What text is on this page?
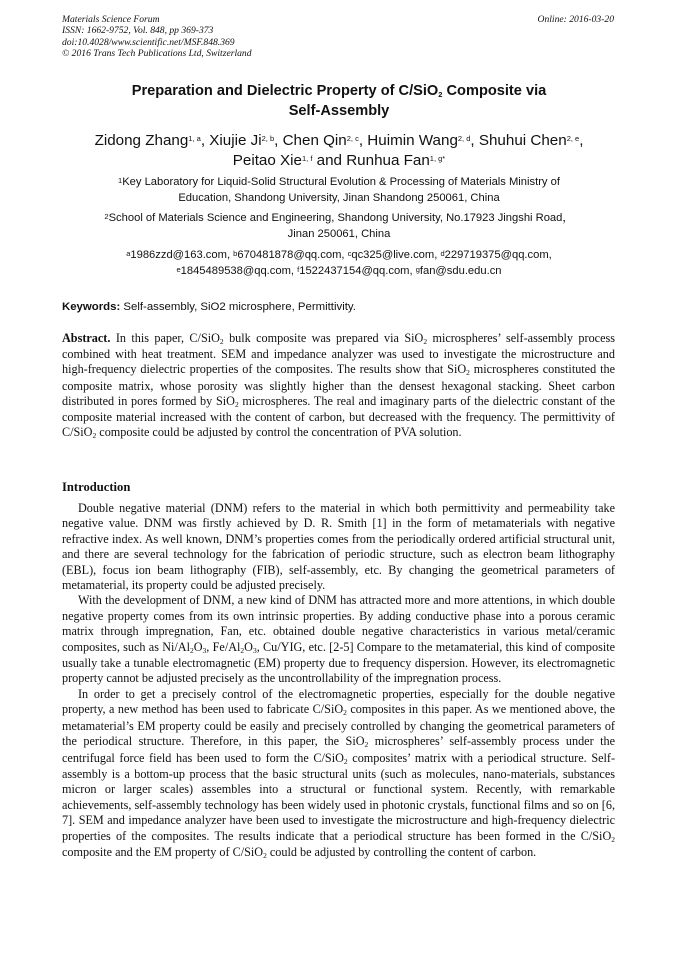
Materials Science Forum
ISSN: 1662-9752, Vol. 848, pp 369-373
doi:10.4028/www.scientific.net/MSF.848.369
© 2016 Trans Tech Publications Ltd, Switzerland
Online: 2016-03-20
Preparation and Dielectric Property of C/SiO$_2$ Composite via
Self-Assembly
Zidong Zhang$^{1, a}$, Xiujie Ji$^{2, b}$, Chen Qin$^{2, c}$, Huimin Wang$^{2, d}$, Shuhui Chen$^{2, e}$,
Peitao Xie$^{1, f}$ and Runhua Fan$^{1, g*}$
$^1$Key Laboratory for Liquid-Solid Structural Evolution & Processing of Materials Ministry of
Education, Shandong University, Jinan Shandong 250061, China
$^2$School of Materials Science and Engineering, Shandong University, No.17923 Jingshi Road，
Jinan 250061, China
$^a$1986zzd@163.com, $^b$670481878@qq.com, $^c$qc325@live.com, $^d$229719375@qq.com,
$^e$1845489538@qq.com, $^f$1522437154@qq.com, $^g$fan@sdu.edu.cn
Keywords: Self-assembly, SiO2 microsphere, Permittivity.
Abstract. In this paper, C/SiO$_2$ bulk composite was prepared via SiO$_2$ microspheres’ self-assembly process combined with heat treatment. SEM and impedance analyzer was used to investigate the microstructure and high-frequency dielectric properties of the composites. The results show that SiO$_2$ microspheres constituted the composite matrix, whose porosity was slightly higher than the densest hexagonal stacking. Sheet carbon distributed in pores formed by SiO$_2$ microspheres. The real and imaginary parts of the dielectric constant of the composite material increased with the content of carbon, but decreased with the frequency. The permittivity of C/SiO$_2$ composite could be adjusted by control the concentration of PVA solution.
Introduction

Double negative material (DNM) refers to the material in which both permittivity and permeability take negative value. DNM was firstly achieved by D. R. Smith [1] in the form of metamaterials with negative refractive index. As well known, DNM’s properties comes from the periodically ordered artificial structural unit, and there are several technology for the fabrication of periodic structure, such as electron beam lithography (EBL), focus ion beam lithography (FIB), self-assembly, etc. By changing the geometrical parameters of metamaterial, its property could be adjusted precisely.

With the development of DNM, a new kind of DNM has attracted more and more attentions, in which double negative property comes from its own intrinsic properties. By adding conductive phase into a porous ceramic matrix through impregnation, Fan, etc. obtained double negative characteristics in various metal/ceramic composites, such as $Ni/Al_2O_3$, $Fe/Al_2O_3$, Cu/YIG, etc. [2-5] Compare to the metamaterial, this kind of composite usually take a tunable electromagnetic (EM) property due to frequency dispersion. However, its electromagnetic property cannot be adjusted precisely as the uncontrollability of the impregnation process.

In order to get a precisely control of the electromagnetic properties, especially for the double negative property, a new method has been used to fabricate C/SiO$_2$ composites in this paper. As we mentioned above, the metamaterial’s EM property could be easily and precisely controlled by changing the geometrical parameters of the periodical structure. Therefore, in this paper, the SiO$_2$ microspheres’ self-assembly process under the centrifugal force field has been used to form the C/SiO$_2$ composites’ matrix with a periodical structure. Self-assembly is a bottom-up process that the basic structural units (such as molecules, nano-materials, substances micron or larger scales) assembles into a structural or functional system. Recently, with remarkable achievements, self-assembly technology has been widely used in photonic crystals, functional films and so on [6, 7]. SEM and impedance analyzer have been used to investigate the microstructure and high-frequency dielectric properties of the composites. The results indicate that a periodical structure has been formed in the C/SiO$_2$ composite and the EM property of C/SiO$_2$ could be adjusted by controlling the content of carbon.
